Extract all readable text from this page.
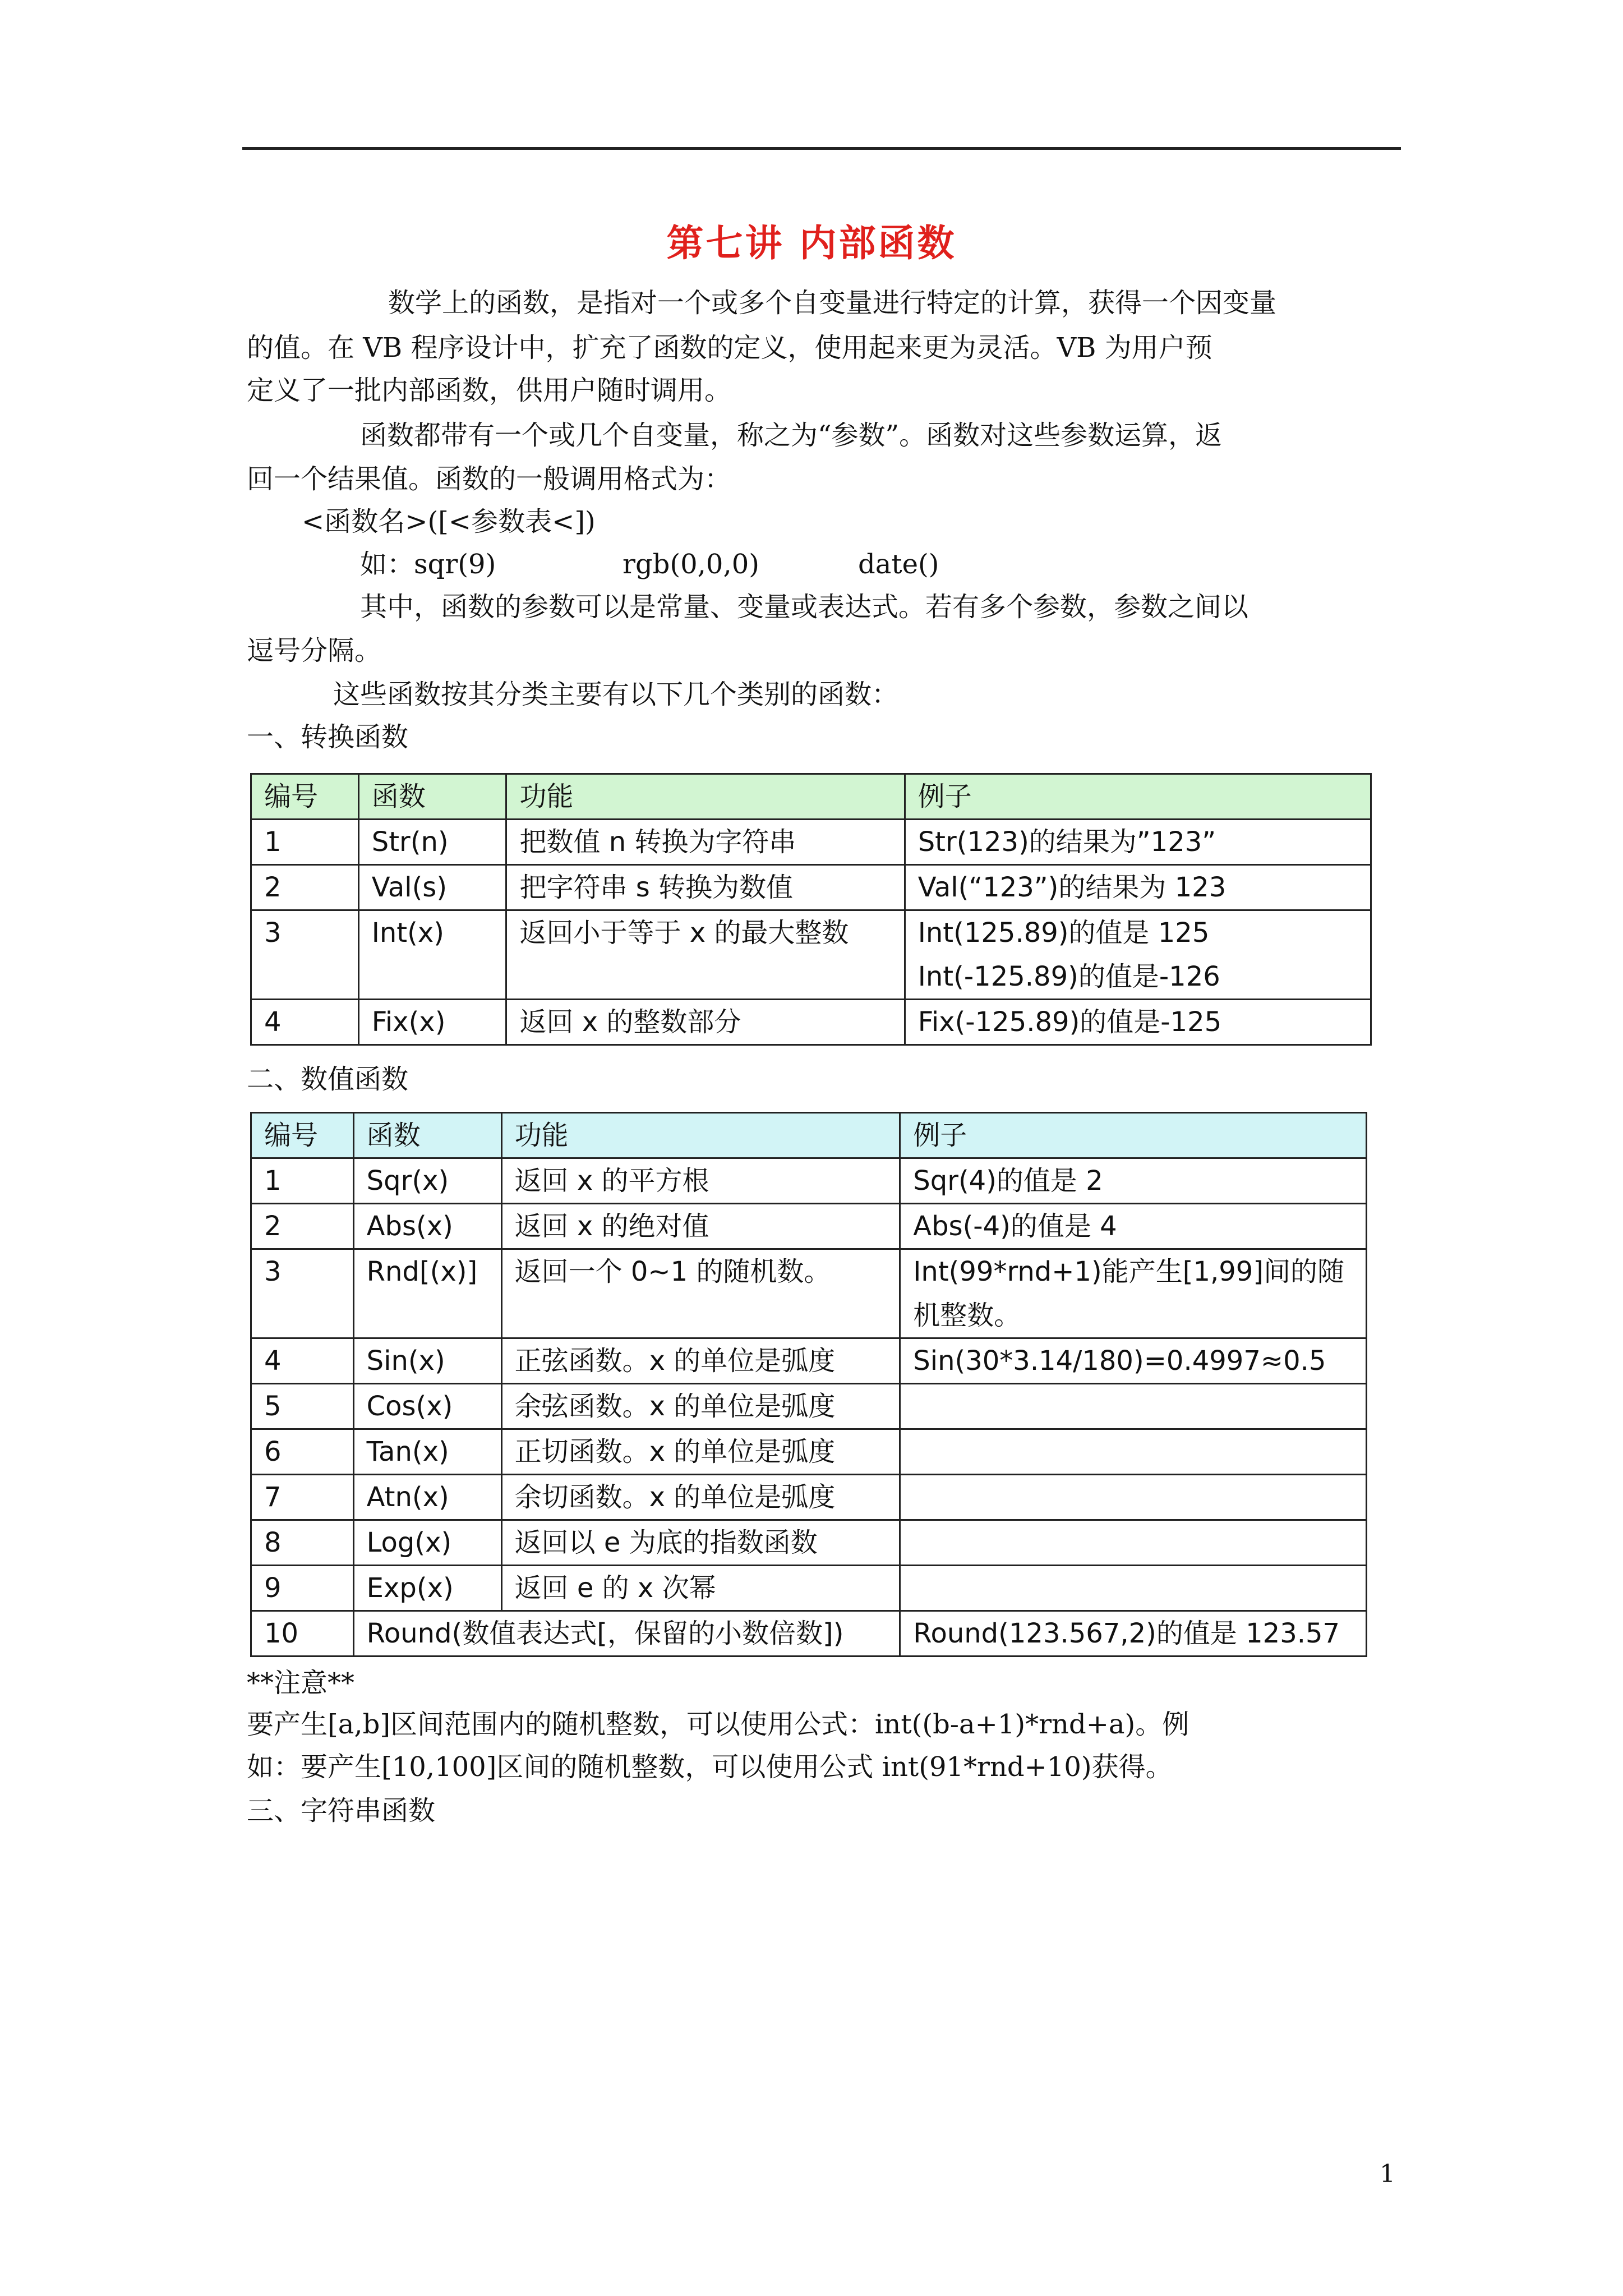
第七讲 内部函数
数学上的函数，是指对一个或多个自变量进行特定的计算，获得一个因变量
的值。在 VB 程序设计中，扩充了函数的定义，使用起来更为灵活。VB 为用户预
定义了一批内部函数，供用户随时调用。
函数都带有一个或几个自变量，称之为“参数”。函数对这些参数运算，返
回一个结果值。函数的一般调用格式为：
<函数名>([<参数表<])
如：sqr(9)	rgb(0,0,0)	date()
其中，函数的参数可以是常量、变量或表达式。若有多个参数，参数之间以
逗号分隔。
这些函数按其分类主要有以下几个类别的函数：
一、转换函数
编号	函数	功能	例子
1	Str(n)	把数值 n 转换为字符串	Str(123)的结果为”123”
2	Val(s)	把字符串 s 转换为数值	Val(“123”)的结果为 123
3	Int(x)	返回小于等于 x 的最大整数	Int(125.89)的值是 125
Int(-125.89)的值是-126
4	Fix(x)	返回 x 的整数部分	Fix(-125.89)的值是-125
二、数值函数
编号	函数	功能	例子
1	Sqr(x)	返回 x 的平方根	Sqr(4)的值是 2
2	Abs(x)	返回 x 的绝对值	Abs(-4)的值是 4
3	Rnd[(x)]	返回一个 0~1 的随机数。	Int(99*rnd+1)能产生[1,99]间的随
机整数。
4	Sin(x)	正弦函数。x 的单位是弧度	Sin(30*3.14/180)=0.4997≈0.5
5	Cos(x)	余弦函数。x 的单位是弧度	
6	Tan(x)	正切函数。x 的单位是弧度	
7	Atn(x)	余切函数。x 的单位是弧度	
8	Log(x)	返回以 e 为底的指数函数	
9	Exp(x)	返回 e 的 x 次幂	
10	Round(数值表达式[，保留的小数倍数])		Round(123.567,2)的值是 123.57
**注意**
要产生[a,b]区间范围内的随机整数，可以使用公式：int((b-a+1)*rnd+a)。例
如：要产生[10,100]区间的随机整数，可以使用公式 int(91*rnd+10)获得。
三、字符串函数
1
